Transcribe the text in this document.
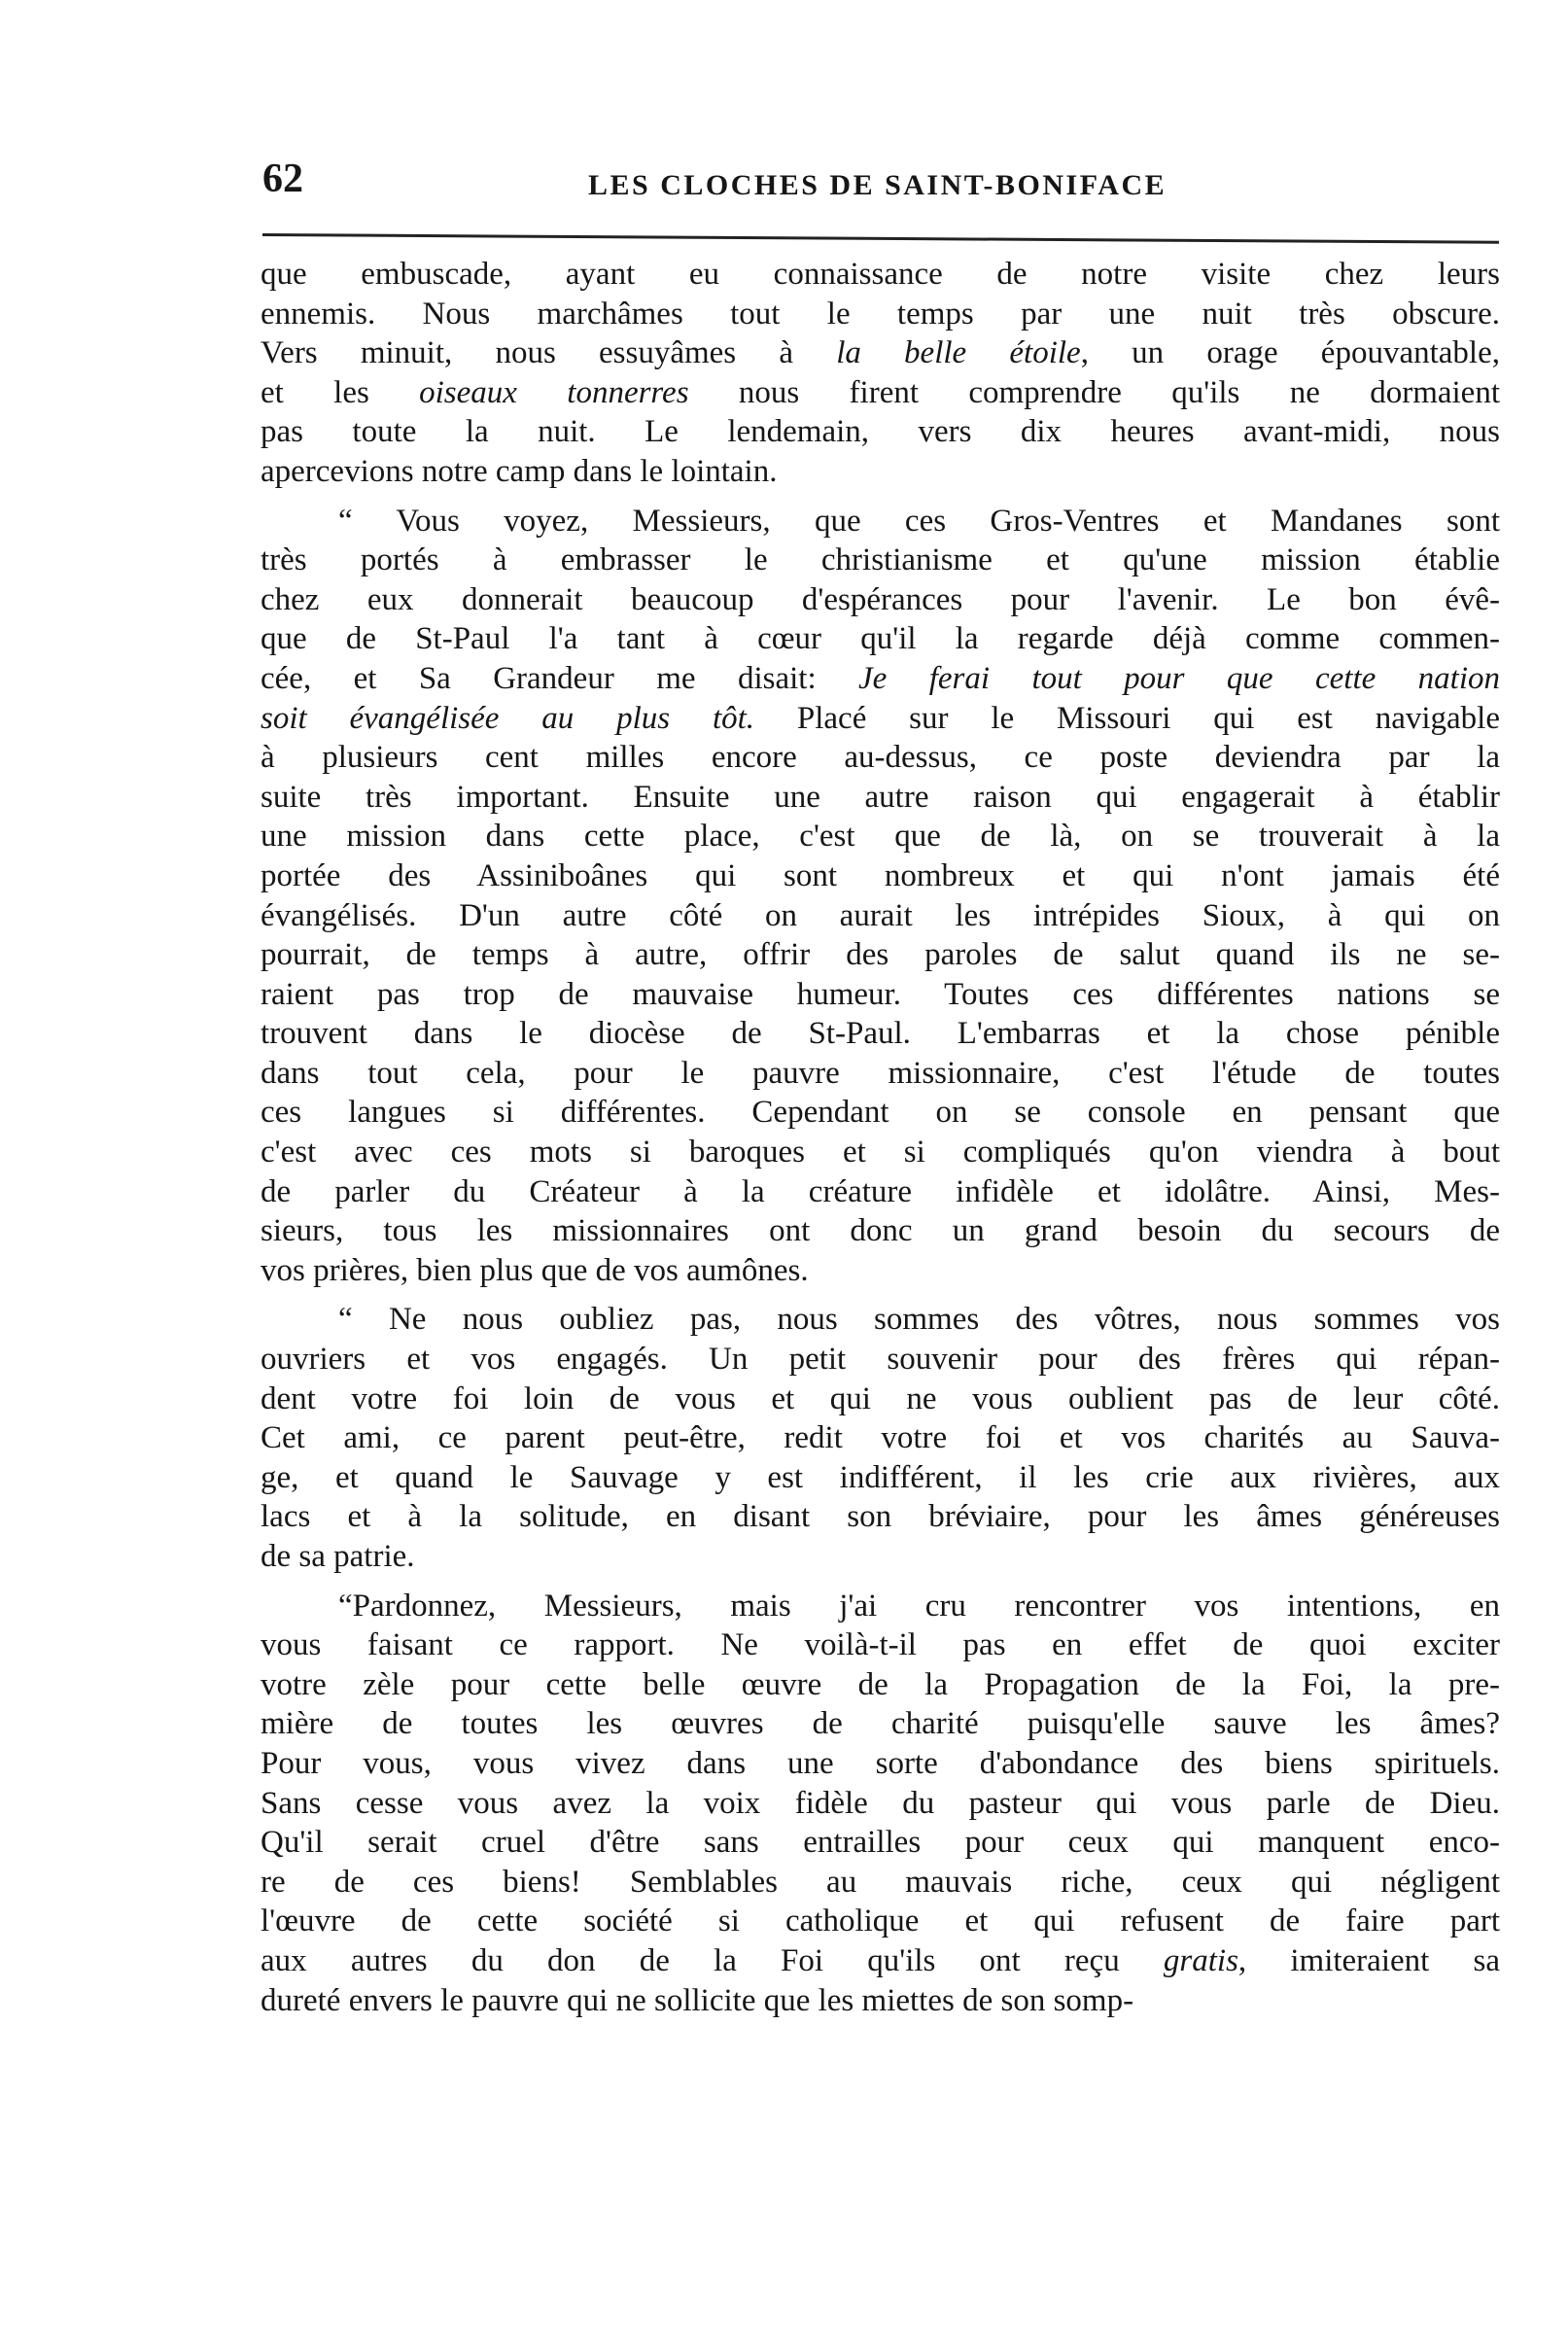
62	LES CLOCHES DE SAINT-BONIFACE
que embuscade, ayant eu connaissance de notre visite chez leurs
ennemis. Nous marchâmes tout le temps par une nuit très obscure.
Vers minuit, nous essuyâmes à la belle étoile, un orage épouvantable,
et les oiseaux tonnerres nous firent comprendre qu'ils ne dormaient
pas toute la nuit. Le lendemain, vers dix heures avant-midi, nous
apercevions notre camp dans le lointain.
“ Vous voyez, Messieurs, que ces Gros-Ventres et Mandanes sont
très portés à embrasser le christianisme et qu'une mission établie
chez eux donnerait beaucoup d'espérances pour l'avenir. Le bon évê-
que de St-Paul l'a tant à cœur qu'il la regarde déjà comme commen-
cée, et Sa Grandeur me disait: Je ferai tout pour que cette nation
soit évangélisée au plus tôt. Placé sur le Missouri qui est navigable
à plusieurs cent milles encore au-dessus, ce poste deviendra par la
suite très important. Ensuite une autre raison qui engagerait à établir
une mission dans cette place, c'est que de là, on se trouverait à la
portée des Assiniboânes qui sont nombreux et qui n'ont jamais été
évangélisés. D'un autre côté on aurait les intrépides Sioux, à qui on
pourrait, de temps à autre, offrir des paroles de salut quand ils ne se-
raient pas trop de mauvaise humeur. Toutes ces différentes nations se
trouvent dans le diocèse de St-Paul. L'embarras et la chose pénible
dans tout cela, pour le pauvre missionnaire, c'est l'étude de toutes
ces langues si différentes. Cependant on se console en pensant que
c'est avec ces mots si baroques et si compliqués qu'on viendra à bout
de parler du Créateur à la créature infidèle et idolâtre. Ainsi, Mes-
sieurs, tous les missionnaires ont donc un grand besoin du secours de
vos prières, bien plus que de vos aumônes.
“ Ne nous oubliez pas, nous sommes des vôtres, nous sommes vos
ouvriers et vos engagés. Un petit souvenir pour des frères qui répan-
dent votre foi loin de vous et qui ne vous oublient pas de leur côté.
Cet ami, ce parent peut-être, redit votre foi et vos charités au Sauva-
ge, et quand le Sauvage y est indifférent, il les crie aux rivières, aux
lacs et à la solitude, en disant son bréviaire, pour les âmes généreuses
de sa patrie.
“Pardonnez, Messieurs, mais j'ai cru rencontrer vos intentions, en
vous faisant ce rapport. Ne voilà-t-il pas en effet de quoi exciter
votre zèle pour cette belle œuvre de la Propagation de la Foi, la pre-
mière de toutes les œuvres de charité puisqu'elle sauve les âmes?
Pour vous, vous vivez dans une sorte d'abondance des biens spirituels.
Sans cesse vous avez la voix fidèle du pasteur qui vous parle de Dieu.
Qu'il serait cruel d'être sans entrailles pour ceux qui manquent enco-
re de ces biens! Semblables au mauvais riche, ceux qui négligent
l'œuvre de cette société si catholique et qui refusent de faire part
aux autres du don de la Foi qu'ils ont reçu gratis, imiteraient sa
dureté envers le pauvre qui ne sollicite que les miettes de son somp-
